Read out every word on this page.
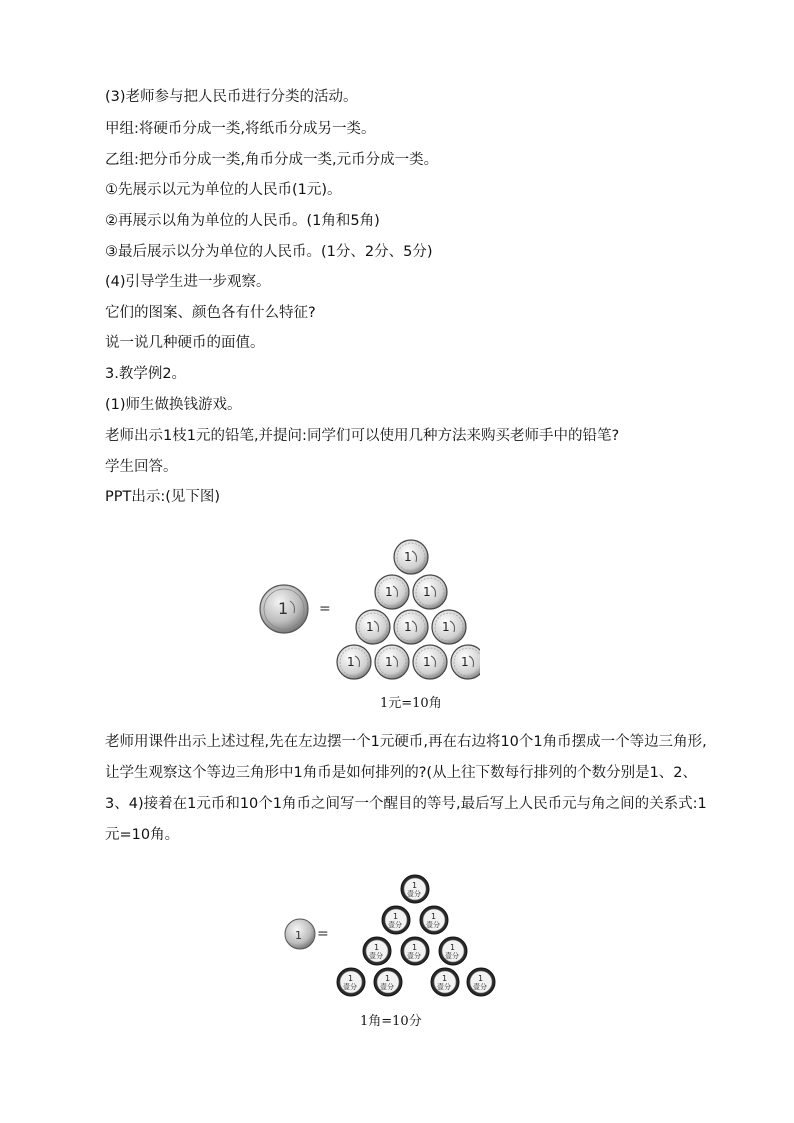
(3)老师参与把人民币进行分类的活动。
甲组:将硬币分成一类,将纸币分成另一类。
乙组:把分币分成一类,角币分成一类,元币分成一类。
①先展示以元为单位的人民币(1元)。
②再展示以角为单位的人民币。(1角和5角)
③最后展示以分为单位的人民币。(1分、2分、5分)
(4)引导学生进一步观察。
它们的图案、颜色各有什么特征?
说一说几种硬币的面值。
3.教学例2。
(1)师生做换钱游戏。
老师出示1枝1元的铅笔,并提问:同学们可以使用几种方法来购买老师手中的铅笔?
学生回答。
PPT出示:(见下图)
1
1
1	1
1	1	1
1	1	1	1
=
1元=10角
老师用课件出示上述过程,先在左边摆一个1元硬币,再在右边将10个1角币摆成一个等边三角形,让学生观察这个等边三角形中1角币是如何排列的?(从上往下数每行排列的个数分别是1、2、3、4)接着在1元币和10个1角币之间写一个醒目的等号,最后写上人民币元与角之间的关系式:1元=10角。
1
1
壹分
1
壹分
1
壹分
1
壹分
1
壹分
1
壹分
1
壹分
1
壹分
1
壹分
1
壹分
=
1角=10分
